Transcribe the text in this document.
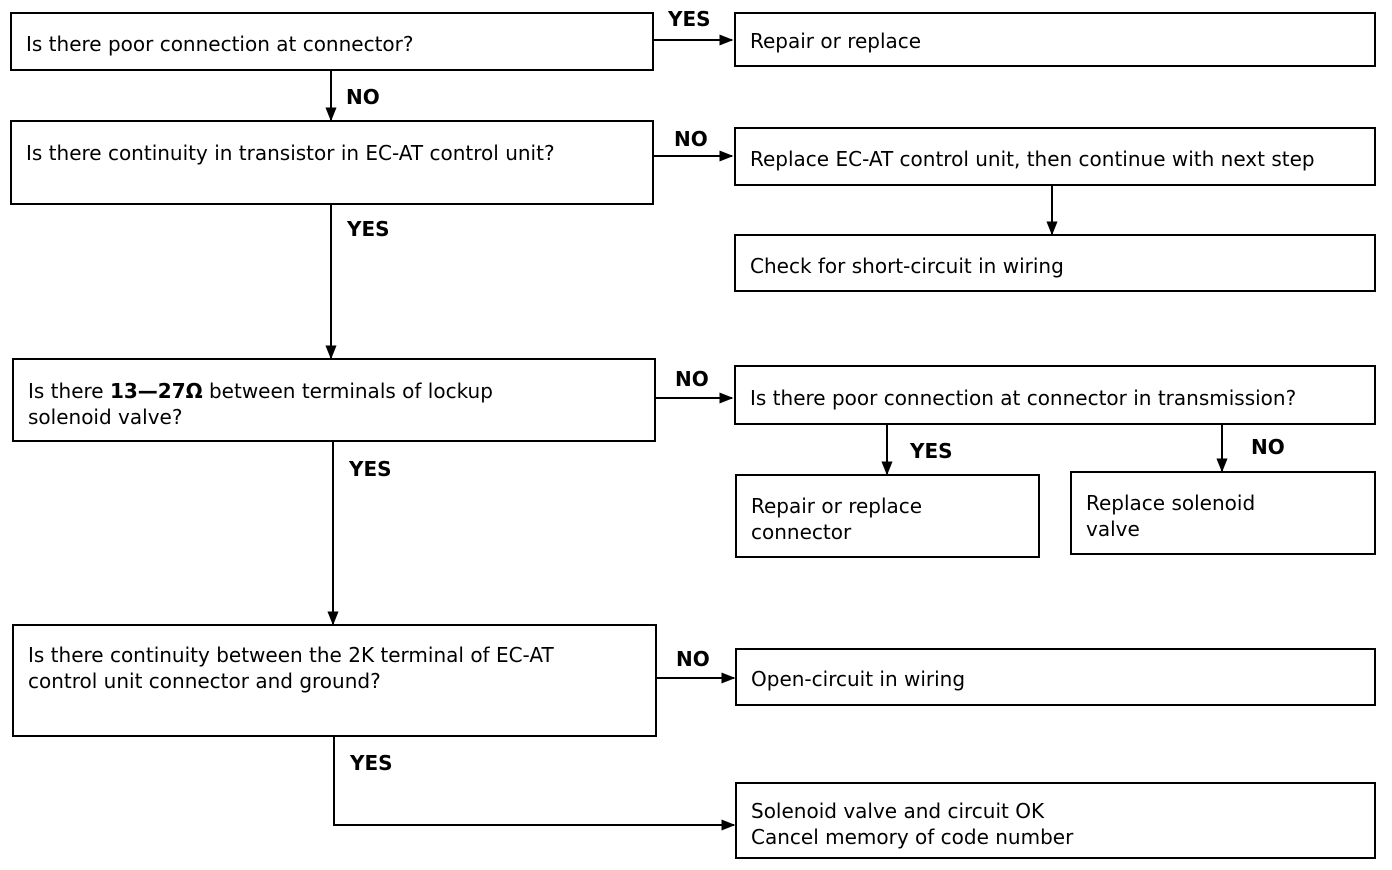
Is there poor connection at connector?
Is there continuity in transistor in EC-AT control unit?
Is there 13—27Ω between terminals of lockup
solenoid valve?
Is there continuity between the 2K terminal of EC-AT
control unit connector and ground?
Is there poor connection at connector in transmission?
Repair or replace
Replace EC-AT control unit, then continue with next step
Check for short-circuit in wiring
Repair or replace
connector
Replace solenoid
valve
Open-circuit in wiring
Solenoid valve and circuit OK
Cancel memory of code number
YES
NO
NO
YES
NO
YES
YES	NO
NO
YES
